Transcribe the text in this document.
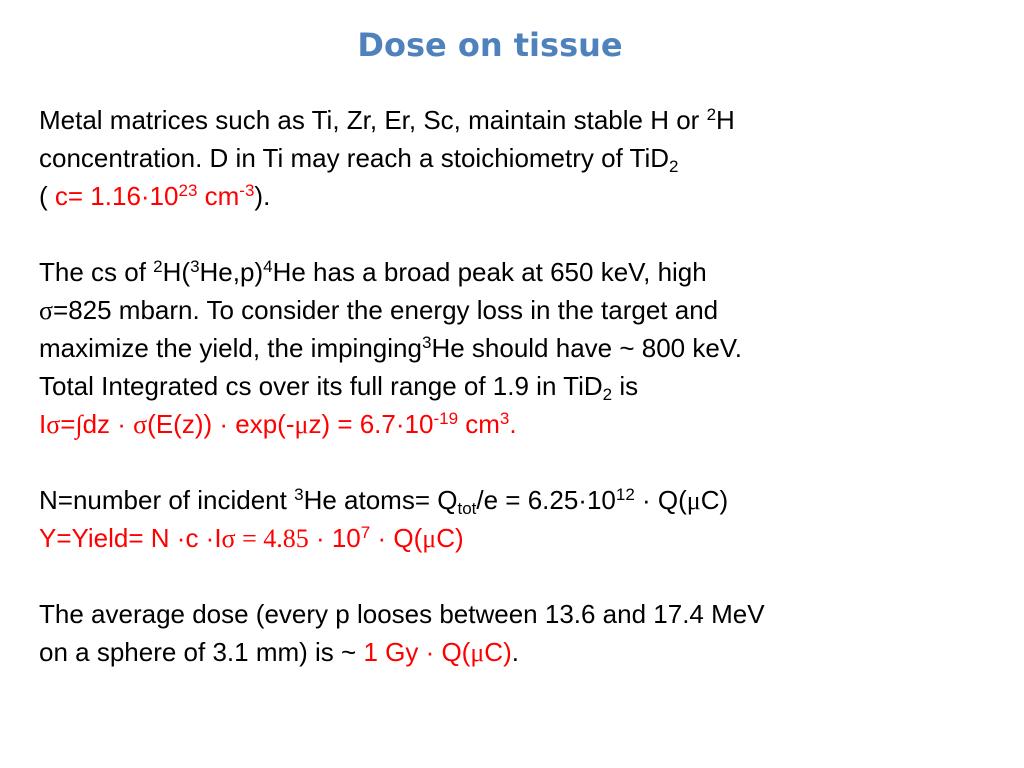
Dose on tissue
Metal matrices such as Ti, Zr, Er, Sc, maintain stable H or $^2$H
concentration. D in Ti may reach a stoichiometry of TiD$_2$
( $c= 1.16\cdot 10^{23}$ $cm^{-3}$).
The cs of $^2H(^3He,p)^4He$ has a broad peak at 650 keV, high
σ=825 mbarn. To consider the energy loss in the target and
maximize the yield, the impinging$^3$He should have ~ 800 keV.
Total Integrated cs over its full range of 1.9 in TiD$_2$ is
$I\sigma=\int dz \cdot \sigma(E(z)) \cdot \exp(-\mu z) = 6.7\cdot 10^{-19}$ $cm^3$.
N=number of incident $^3$He atoms= $Q_{tot}/e = 6.25\cdot 10^{12} \cdot Q(\mu C)$
Y=Yield= $N \cdot c \cdot I\sigma = 4.85 \cdot 10^7 \cdot Q(\mu C)$
The average dose (every p looses between 13.6 and 17.4 MeV
on a sphere of 3.1 mm) is ~ 1 Gy · Q(μC).
